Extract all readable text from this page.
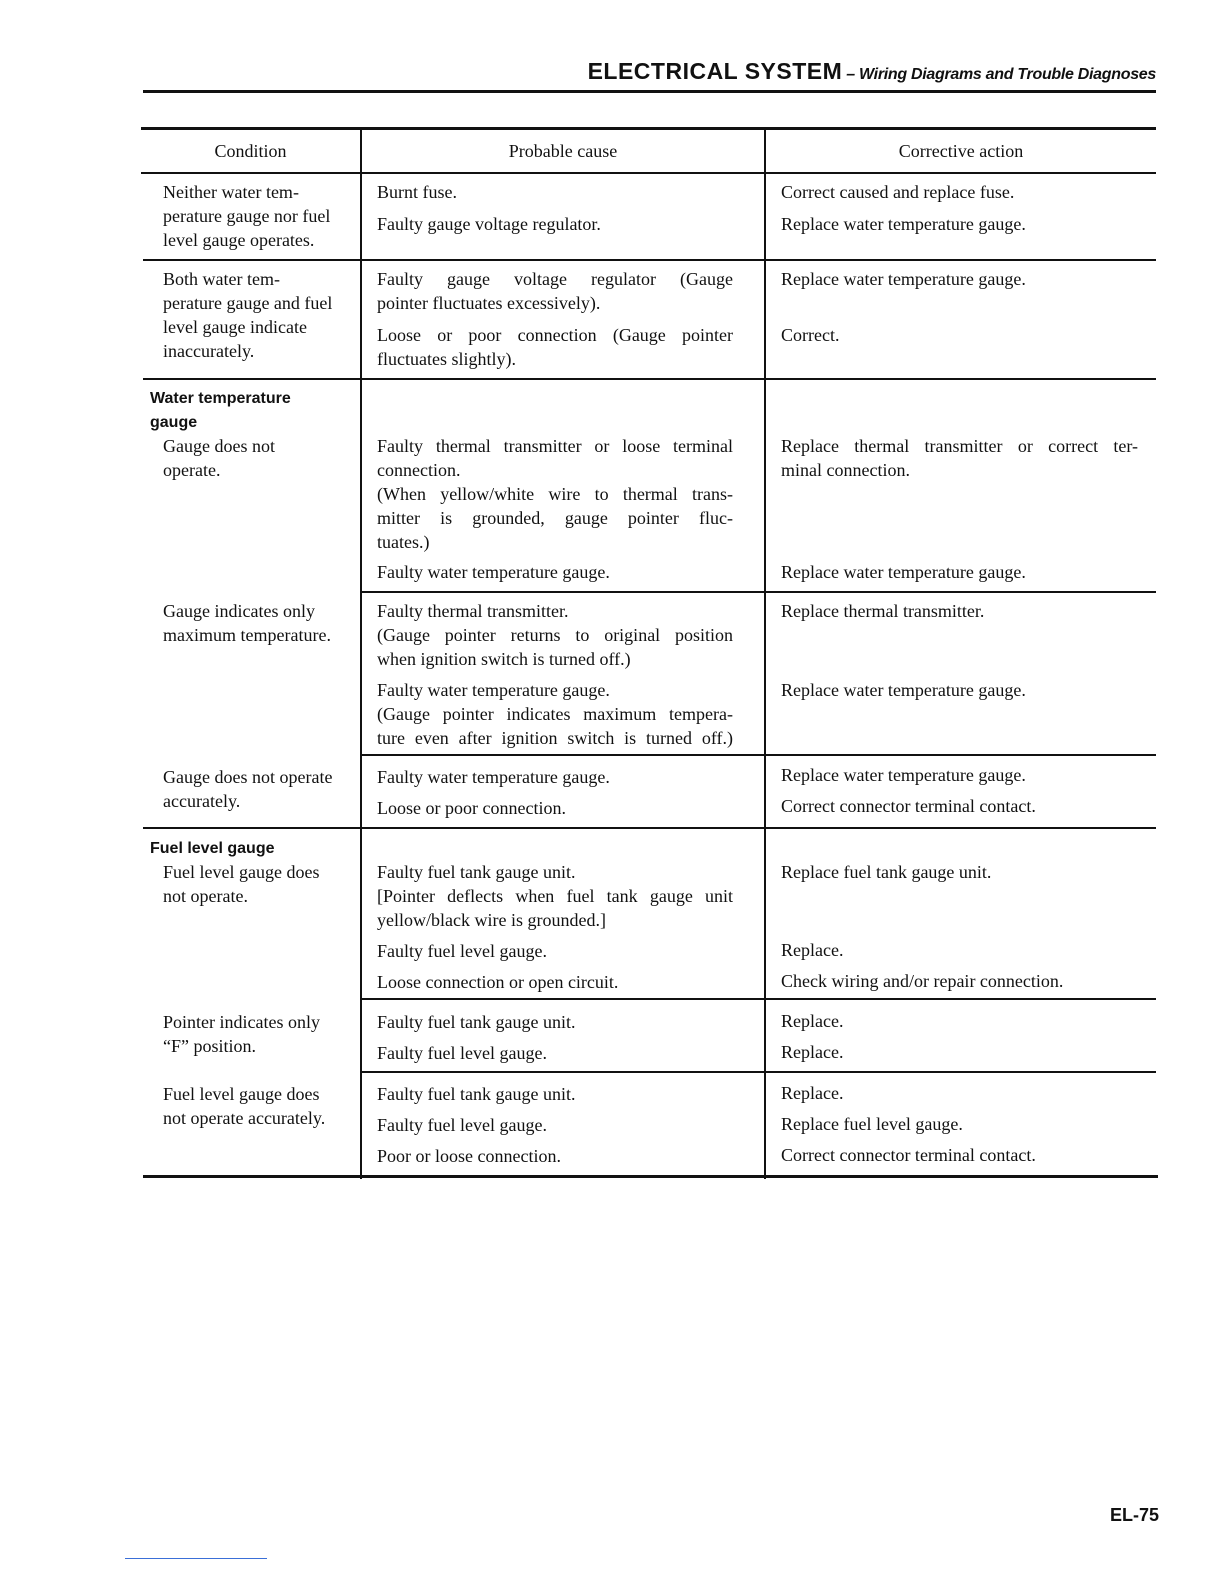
ELECTRICAL SYSTEM – Wiring Diagrams and Trouble Diagnoses
Condition	Probable cause	Corrective action
Neither water tem-
perature gauge nor fuel
level gauge operates.
Burnt fuse.
Faulty gauge voltage regulator.
Correct caused and replace fuse.
Replace water temperature gauge.
Both water tem-
perature gauge and fuel
level gauge indicate
inaccurately.
Faulty gauge voltage regulator (Gauge
pointer fluctuates excessively).
Loose or poor connection (Gauge pointer
fluctuates slightly).
Replace water temperature gauge.
Correct.
Water temperature
gauge
Gauge does not
operate.
Faulty thermal transmitter or loose terminal
connection.
(When yellow/white wire to thermal trans-
mitter is grounded, gauge pointer fluc-
tuates.)
Faulty water temperature gauge.
Replace thermal transmitter or correct ter-
minal connection.
Replace water temperature gauge.
Gauge indicates only
maximum temperature.
Faulty thermal transmitter.
(Gauge pointer returns to original position
when ignition switch is turned off.)
Faulty water temperature gauge.
(Gauge pointer indicates maximum tempera-
ture even after ignition switch is turned off.)
Replace thermal transmitter.
Replace water temperature gauge.
Gauge does not operate
accurately.
Faulty water temperature gauge.
Loose or poor connection.
Replace water temperature gauge.
Correct connector terminal contact.
Fuel level gauge
Fuel level gauge does
not operate.
Faulty fuel tank gauge unit.
[Pointer deflects when fuel tank gauge unit
yellow/black wire is grounded.]
Faulty fuel level gauge.
Loose connection or open circuit.
Replace fuel tank gauge unit.
Replace.
Check wiring and/or repair connection.
Pointer indicates only
“F” position.
Faulty fuel tank gauge unit.
Faulty fuel level gauge.
Replace.
Replace.
Fuel level gauge does
not operate accurately.
Faulty fuel tank gauge unit.
Faulty fuel level gauge.
Poor or loose connection.
Replace.
Replace fuel level gauge.
Correct connector terminal contact.
EL-75
